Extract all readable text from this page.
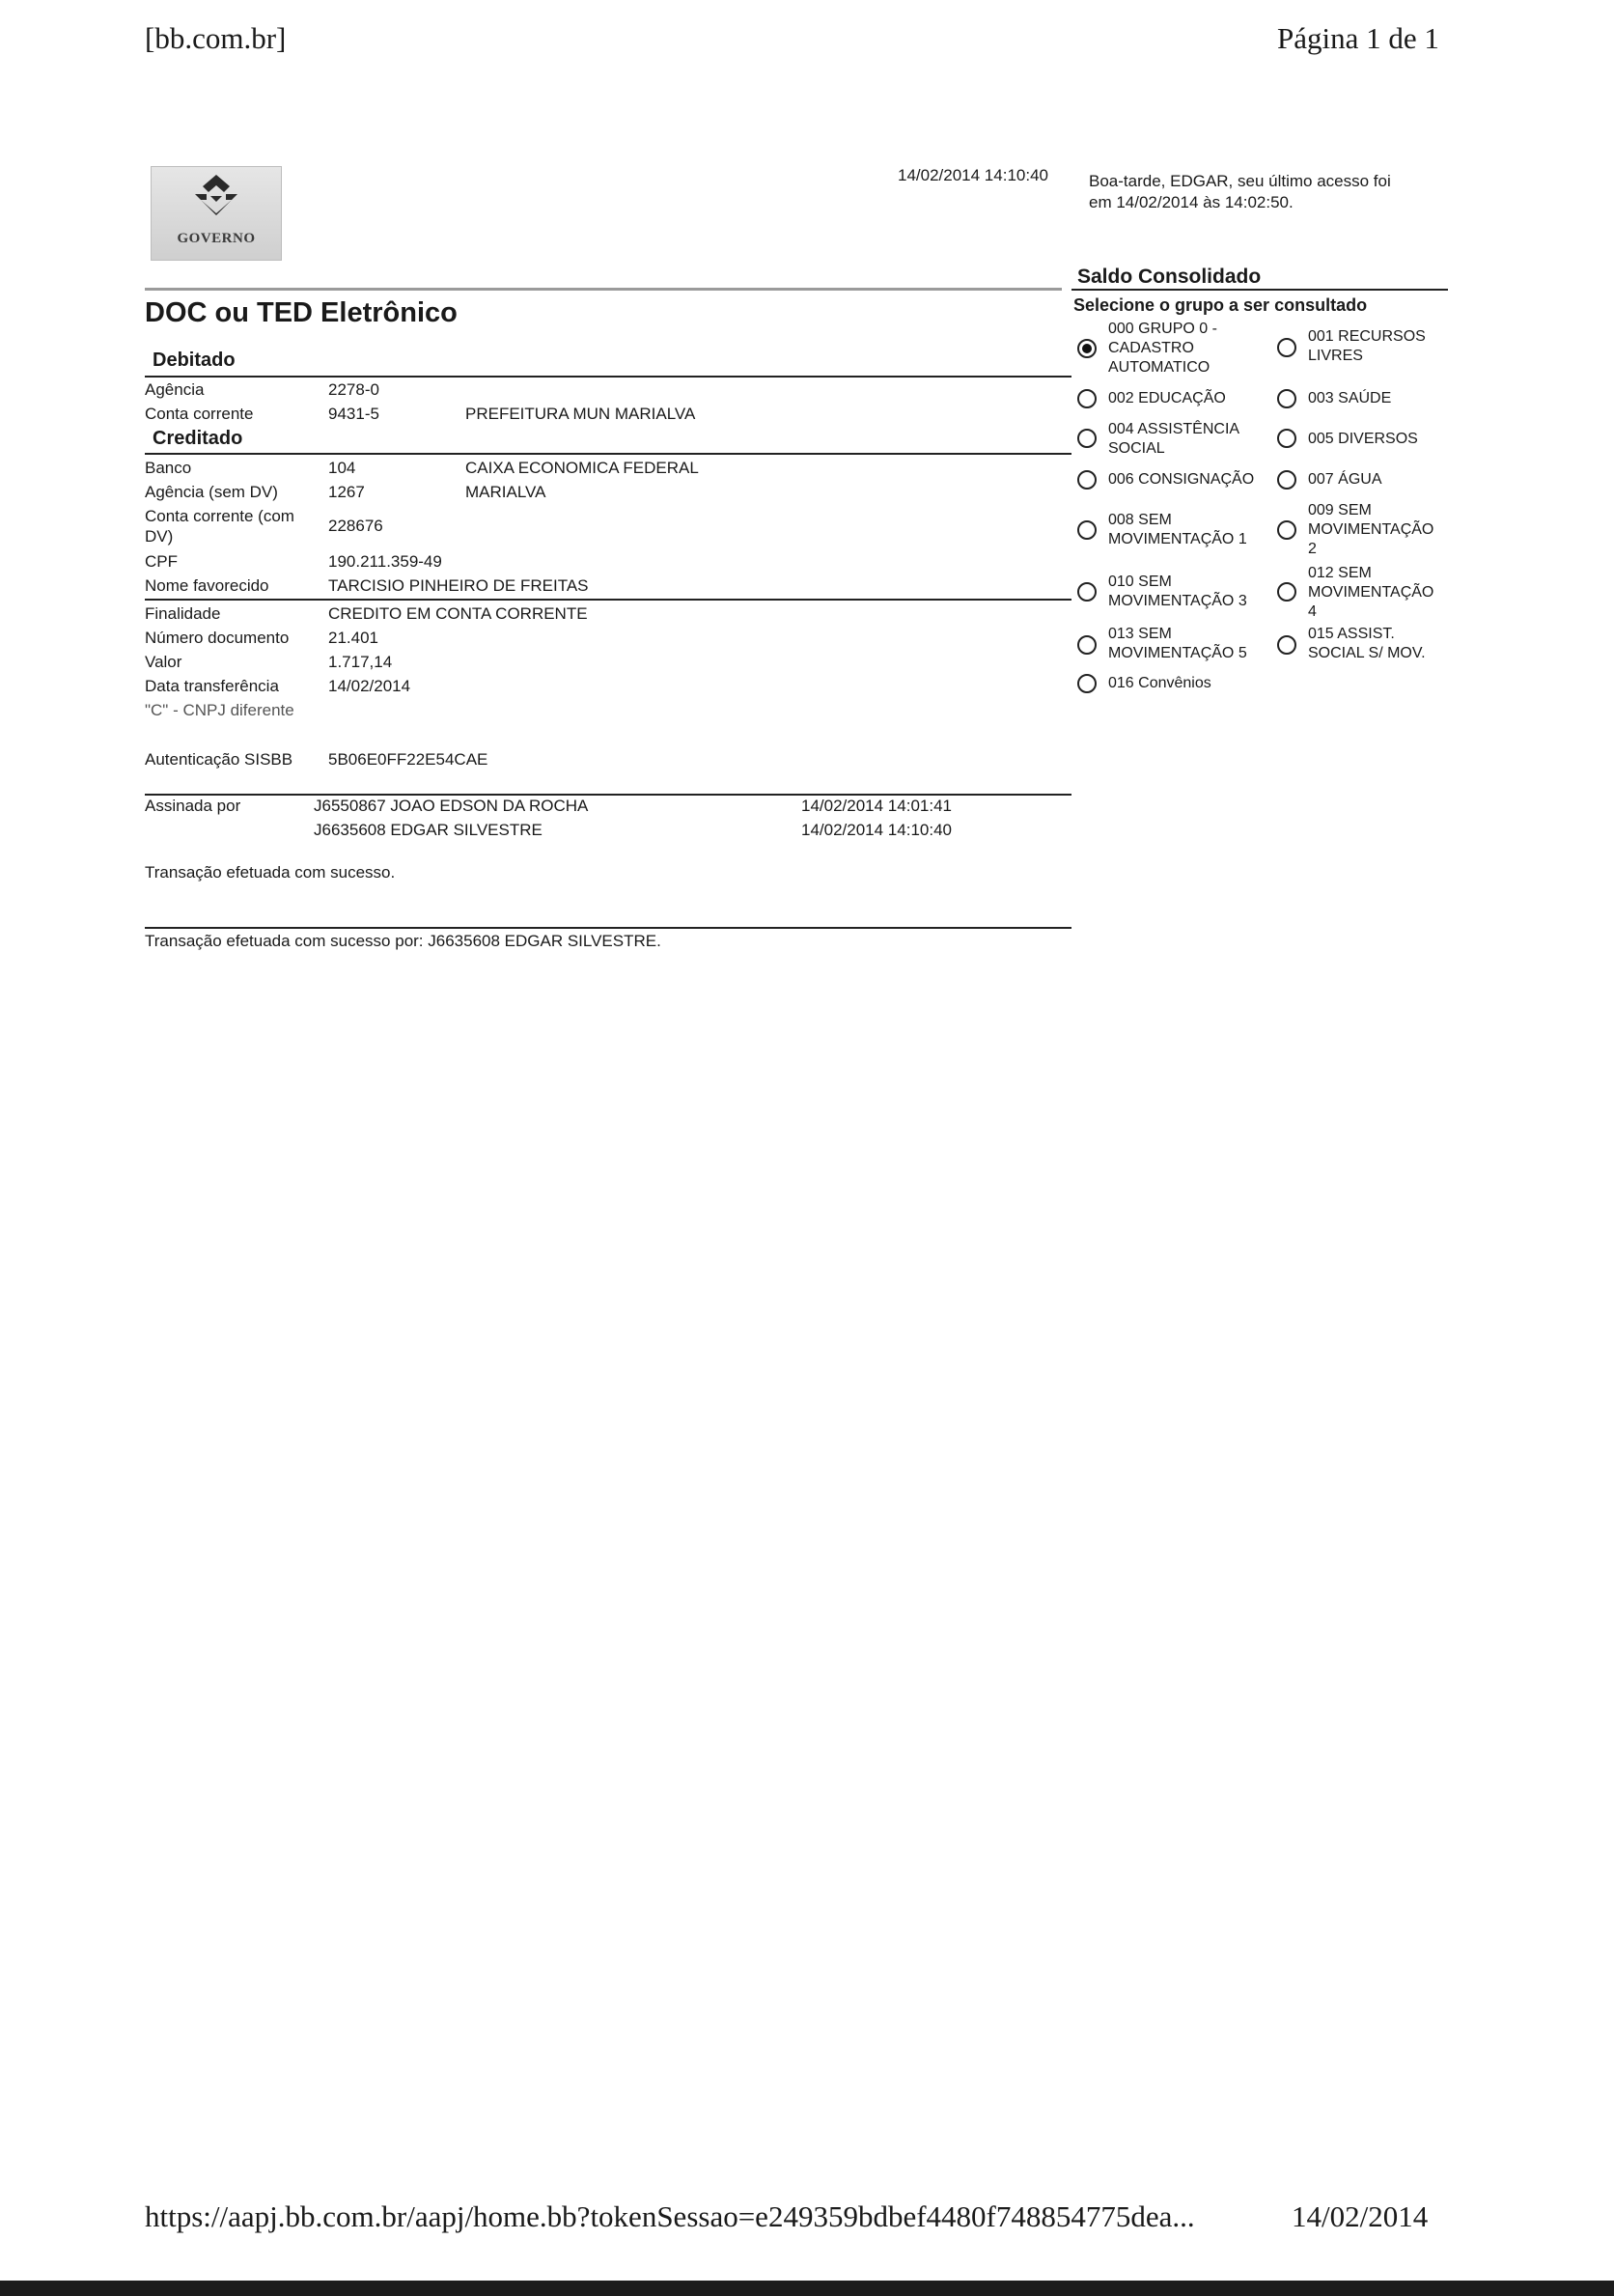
[bb.com.br]	Página 1 de 1
GOVERNO
14/02/2014 14:10:40 Boa-tarde, EDGAR, seu último acesso foi
em 14/02/2014 às 14:02:50.
DOC ou TED Eletrônico
Debitado
Agência	2278-0
Conta corrente	9431-5	PREFEITURA MUN MARIALVA
Creditado
Banco	104	CAIXA ECONOMICA FEDERAL
Agência (sem DV)	1267	MARIALVA
Conta corrente (com
DV)
228676
CPF	190.211.359-49
Nome favorecido	TARCISIO PINHEIRO DE FREITAS
Finalidade	CREDITO EM CONTA CORRENTE
Número documento 21.401
Valor	1.717,14
Data transferência	14/02/2014
"C" - CNPJ diferente
Autenticação SISBB 5B06E0FF22E54CAE
Assinada por	J6550867 JOAO EDSON DA ROCHA	14/02/2014 14:01:41
J6635608 EDGAR SILVESTRE	14/02/2014 14:10:40
Transação efetuada com sucesso.
Transação efetuada com sucesso por: J6635608 EDGAR SILVESTRE.
Saldo Consolidado
Selecione o grupo a ser consultado
000 GRUPO 0 -
CADASTRO
AUTOMATICO
001 RECURSOS
LIVRES
002 EDUCAÇÃO	003 SAÚDE
004 ASSISTÊNCIA
SOCIAL
005 DIVERSOS
006 CONSIGNAÇÃO	007 ÁGUA
008 SEM
MOVIMENTAÇÃO 1
009 SEM
MOVIMENTAÇÃO
2
010 SEM
MOVIMENTAÇÃO 3
012 SEM
MOVIMENTAÇÃO
4
013 SEM
MOVIMENTAÇÃO 5
015 ASSIST.
SOCIAL S/ MOV.
016 Convênios
https://aapj.bb.com.br/aapj/home.bb?tokenSessao=e249359bdbef4480f748854775dea...	14/02/2014
